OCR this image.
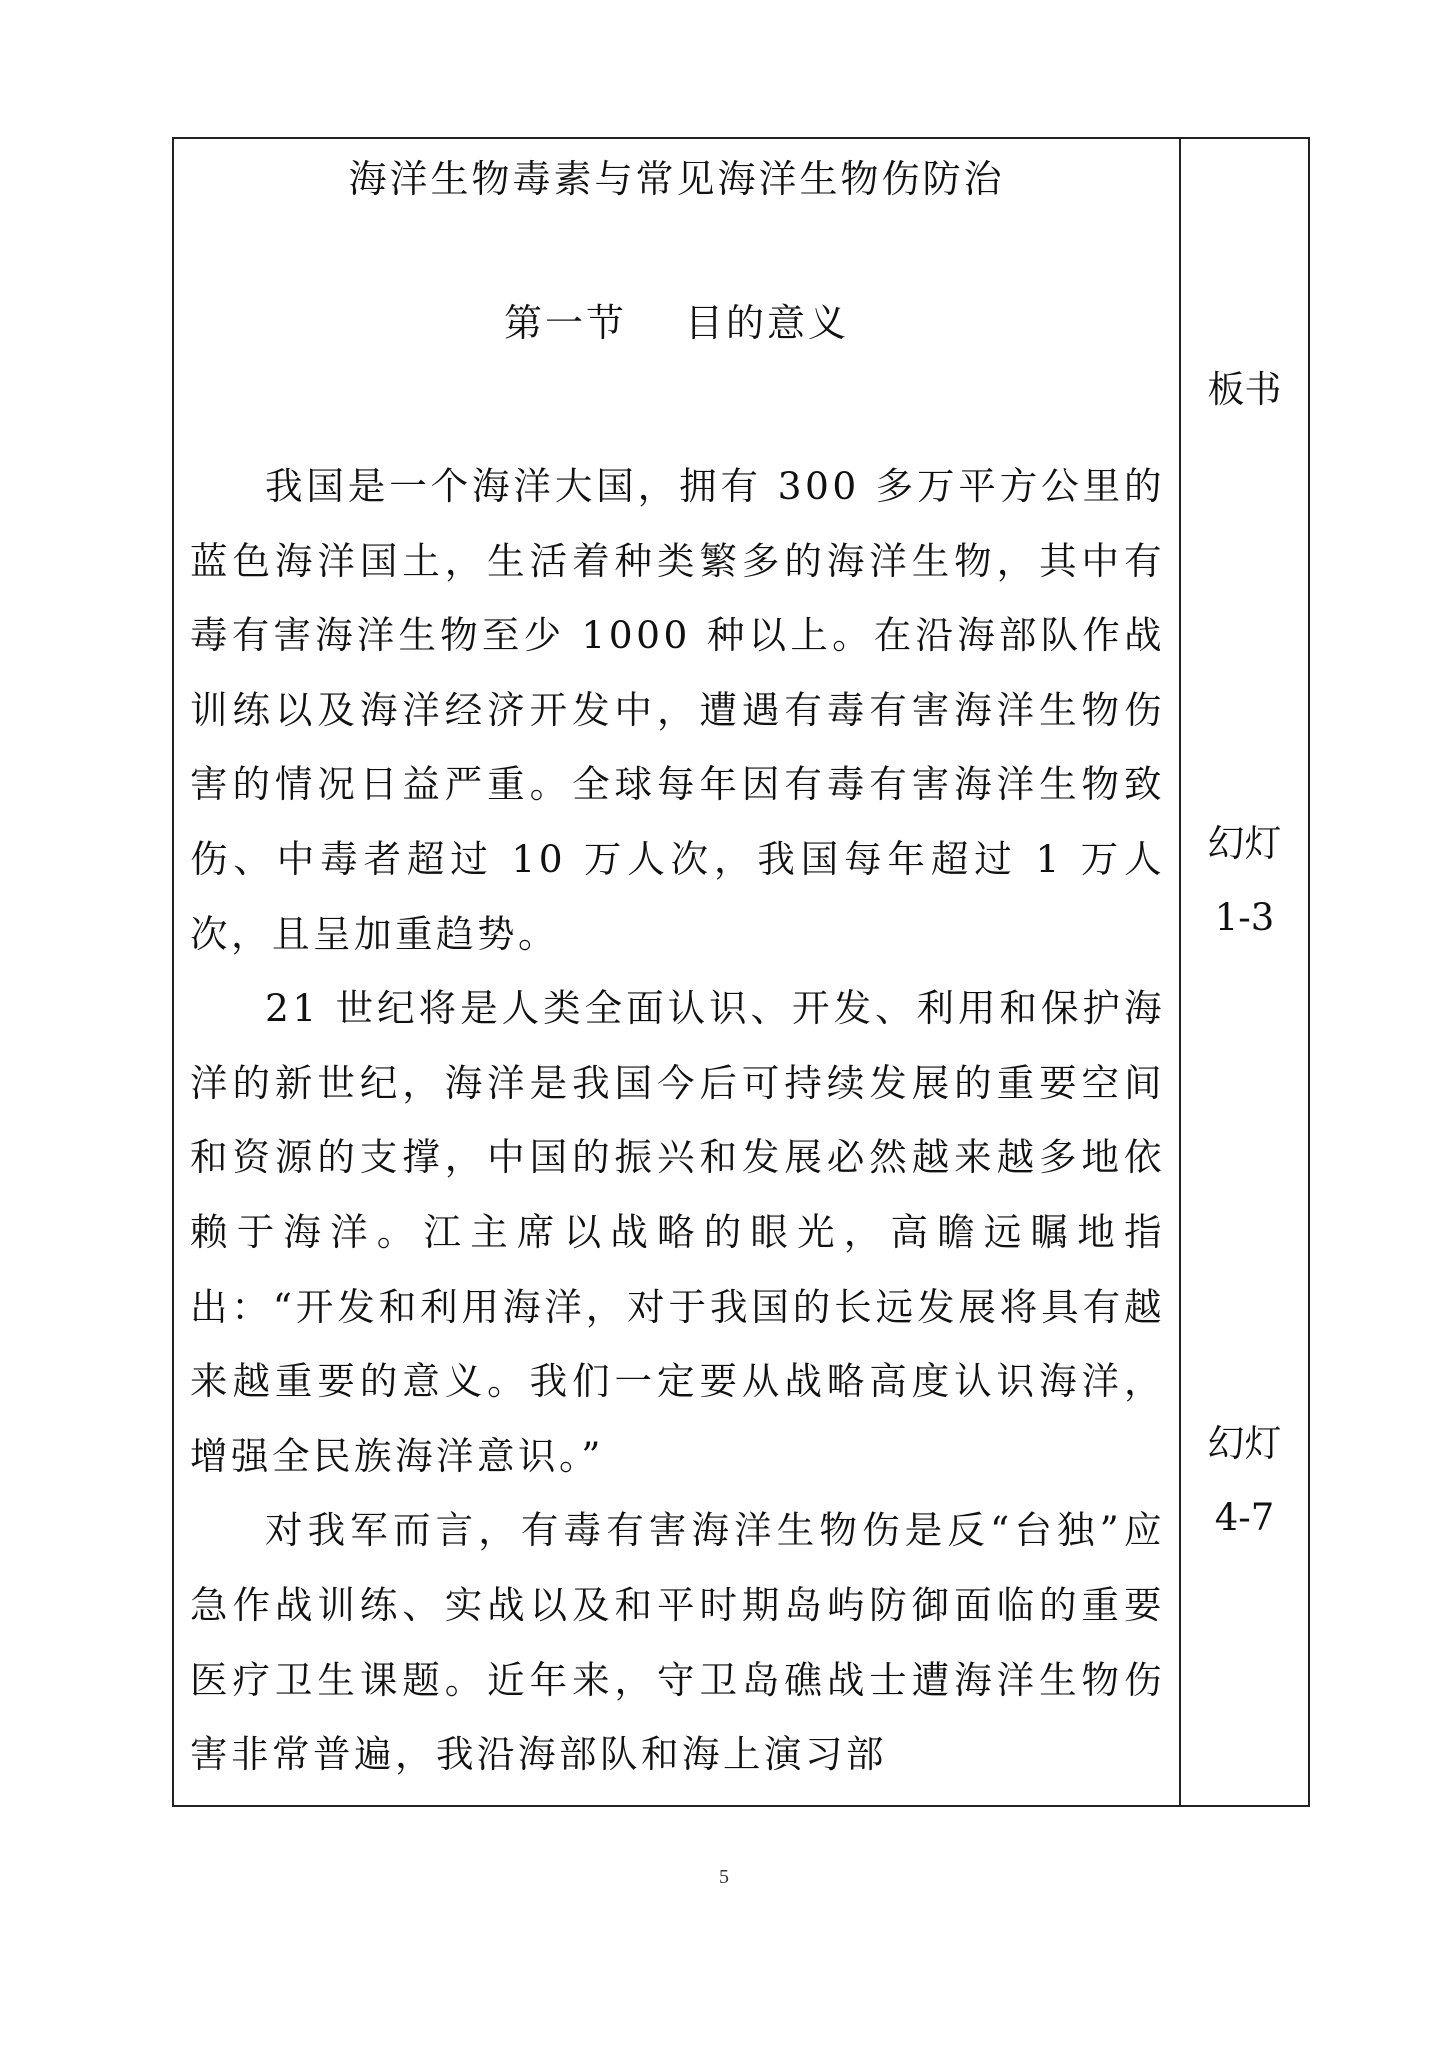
海洋生物毒素与常见海洋生物伤防治
第一节 目的意义

我国是一个海洋大国，拥有 300 多万平方公里的蓝色海洋国土，生活着种类繁多的海洋生物，其中有毒有害海洋生物至少 1000 种以上。在沿海部队作战训练以及海洋经济开发中，遭遇有毒有害海洋生物伤害的情况日益严重。全球每年因有毒有害海洋生物致伤、中毒者超过 10 万人次，我国每年超过 1 万人次，且呈加重趋势。

21 世纪将是人类全面认识、开发、利用和保护海洋的新世纪，海洋是我国今后可持续发展的重要空间和资源的支撑，中国的振兴和发展必然越来越多地依赖于海洋。江主席以战略的眼光，高瞻远瞩地指出：“开发和利用海洋，对于我国的长远发展将具有越来越重要的意义。我们一定要从战略高度认识海洋，增强全民族海洋意识。”

对我军而言，有毒有害海洋生物伤是反“台独”应急作战训练、实战以及和平时期岛屿防御面临的重要医疗卫生课题。近年来，守卫岛礁战士遭海洋生物伤害非常普遍，我沿海部队和海上演习部

板书
幻灯
1-3
幻灯
4-7
5
